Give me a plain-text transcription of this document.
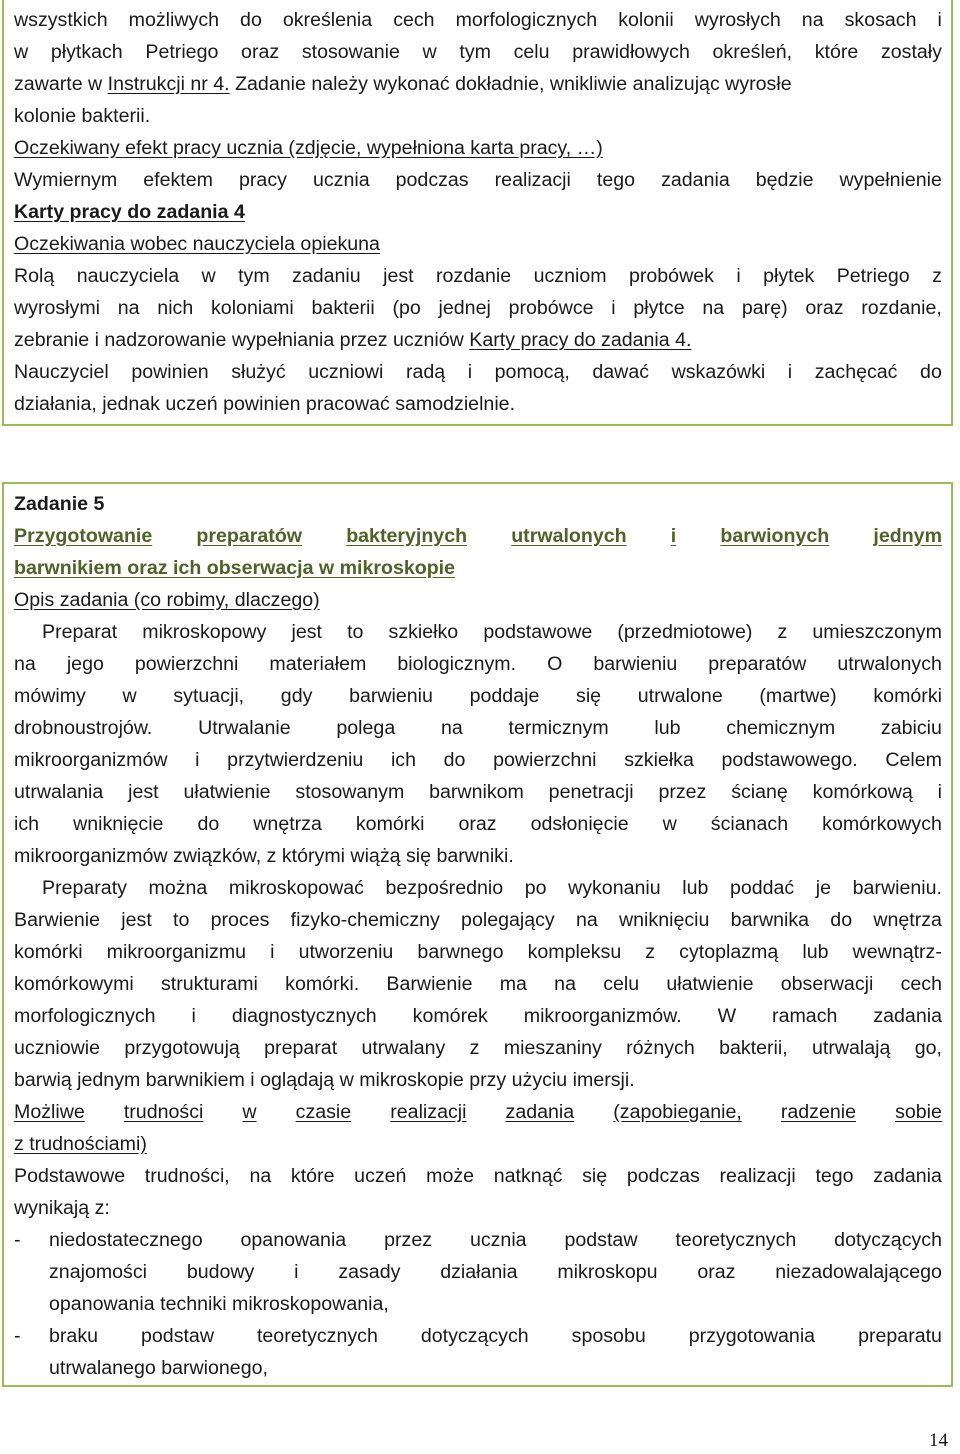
wszystkich możliwych do określenia cech morfologicznych kolonii wyrosłych na skosach i
w płytkach Petriego oraz stosowanie w tym celu prawidłowych określeń, które zostały
zawarte w Instrukcji nr 4. Zadanie należy wykonać dokładnie, wnikliwie analizując wyrosłe
kolonie bakterii.
Oczekiwany efekt pracy ucznia (zdjęcie, wypełniona karta pracy, …)
Wymiernym efektem pracy ucznia podczas realizacji tego zadania będzie wypełnienie
Karty pracy do zadania 4
Oczekiwania wobec nauczyciela opiekuna
Rolą nauczyciela w tym zadaniu jest rozdanie uczniom probówek i płytek Petriego z
wyrosłymi na nich koloniami bakterii (po jednej probówce i płytce na parę) oraz rozdanie,
zebranie i nadzorowanie wypełniania przez uczniów Karty pracy do zadania 4.
Nauczyciel powinien służyć uczniowi radą i pomocą, dawać wskazówki i zachęcać do
działania, jednak uczeń powinien pracować samodzielnie.
Zadanie 5
Przygotowanie preparatów bakteryjnych utrwalonych i barwionych jednym
barwnikiem oraz ich obserwacja w mikroskopie
Opis zadania (co robimy, dlaczego)
Preparat mikroskopowy jest to szkiełko podstawowe (przedmiotowe) z umieszczonym
na jego powierzchni materiałem biologicznym. O barwieniu preparatów utrwalonych
mówimy w sytuacji, gdy barwieniu poddaje się utrwalone (martwe) komórki
drobnoustrojów. Utrwalanie polega na termicznym lub chemicznym zabiciu
mikroorganizmów i przytwierdzeniu ich do powierzchni szkiełka podstawowego. Celem
utrwalania jest ułatwienie stosowanym barwnikom penetracji przez ścianę komórkową i
ich wniknięcie do wnętrza komórki oraz odsłonięcie w ścianach komórkowych
mikroorganizmów związków, z którymi wiążą się barwniki.
Preparaty można mikroskopować bezpośrednio po wykonaniu lub poddać je barwieniu.
Barwienie jest to proces fizyko-chemiczny polegający na wniknięciu barwnika do wnętrza
komórki mikroorganizmu i utworzeniu barwnego kompleksu z cytoplazmą lub wewnątrz-
komórkowymi strukturami komórki. Barwienie ma na celu ułatwienie obserwacji cech
morfologicznych i diagnostycznych komórek mikroorganizmów. W ramach zadania
uczniowie przygotowują preparat utrwalany z mieszaniny różnych bakterii, utrwalają go,
barwią jednym barwnikiem i oglądają w mikroskopie przy użyciu imersji.
Możliwe trudności w czasie realizacji zadania (zapobieganie, radzenie sobie
z trudnościami)
Podstawowe trudności, na które uczeń może natknąć się podczas realizacji tego zadania
wynikają z:
-	niedostatecznego opanowania przez ucznia podstaw teoretycznych dotyczących
znajomości budowy i zasady działania mikroskopu oraz niezadowalającego
opanowania techniki mikroskopowania,
-	braku podstaw teoretycznych dotyczących sposobu przygotowania preparatu
utrwalanego barwionego,
14
